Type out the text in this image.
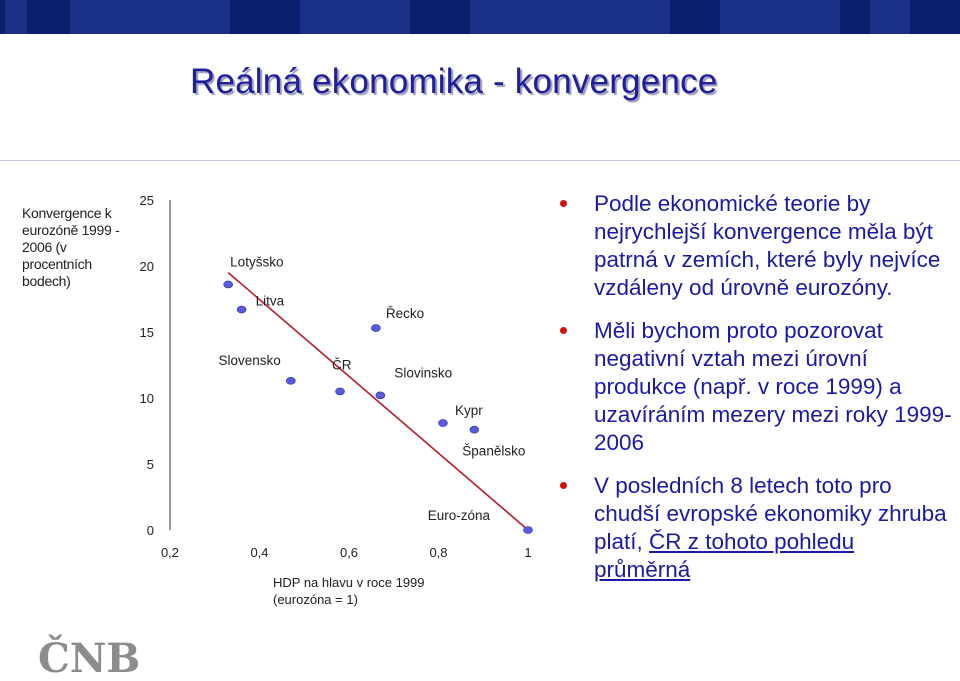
Reálná ekonomika - konvergence
Konvergence k eurozóně 1999 - 2006 (v procentních bodech)
0
5
10
15
20
25
0,2	0,4	0,6	0,8	1
Lotyšsko
Litva
Slovensko	ČR
Řecko
Slovinsko
Kypr
Španělsko
Euro-zóna
HDP na hlavu v roce 1999
(eurozóna = 1)
Podle ekonomické teorie by nejrychlejší konvergence měla být patrná v zemích, které byly nejvíce vzdáleny od úrovně eurozóny.
Měli bychom proto pozorovat negativní vztah mezi úrovní produkce (např. v roce 1999) a uzavíráním mezery mezi roky 1999-2006
V posledních 8 letech toto pro chudší evropské ekonomiky zhruba platí, ČR z tohoto pohledu průměrná
ČNB
